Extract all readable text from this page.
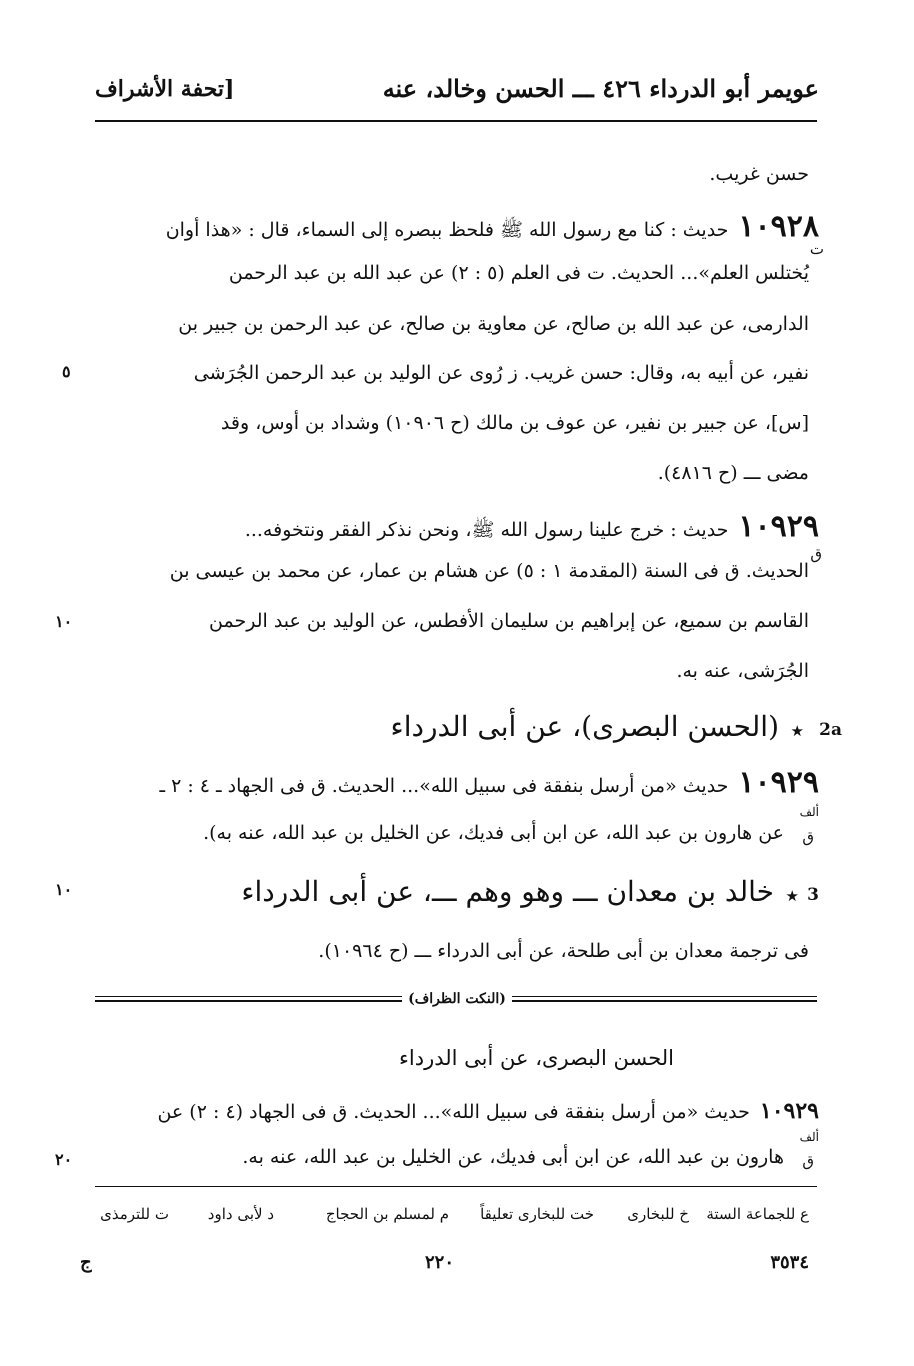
عويمر أبو الدرداء ٤٢٦ ـــ الحسن وخالد، عنه
[تحفة الأشراف
حسن غريب.
١٠٩٢٨حديث : كنا مع رسول الله ﷺ فلحظ ببصره إلى السماء، قال : «هذا أوان
ت
يُختلس العلم»... الحديث. ت فى العلم (٥ : ٢) عن عبد الله بن عبد الرحمن
الدارمى، عن عبد الله بن صالح، عن معاوية بن صالح، عن عبد الرحمن بن جبير بن
نفير، عن أبيه به، وقال: حسن غريب. ز رُوى عن الوليد بن عبد الرحمن الجُرَشى
٥
[س]، عن جبير بن نفير، عن عوف بن مالك (ح ١٠٩٠٦) وشداد بن أوس، وقد
مضى ـــ (ح ٤٨١٦).
١٠٩٢٩حديث : خرج علينا رسول الله ﷺ، ونحن نذكر الفقر ونتخوفه...
ق
الحديث. ق فى السنة (المقدمة ١ : ٥) عن هشام بن عمار، عن محمد بن عيسى بن
القاسم بن سميع، عن إبراهيم بن سليمان الأفطس، عن الوليد بن عبد الرحمن
١٠
الجُرَشى، عنه به.
2a
★
(الحسن البصرى)، عن أبى الدرداء
١٠٩٢٩حديث «من أرسل بنفقة فى سبيل الله»... الحديث. ق فى الجهاد ـ ٤ : ٢ ـ
ألف
ق
عن هارون بن عبد الله، عن ابن أبى فديك، عن الخليل بن عبد الله، عنه به).
3
★
خالد بن معدان ـــ وهو وهم ـــ، عن أبى الدرداء
١٠
فى ترجمة معدان بن أبى طلحة، عن أبى الدرداء ـــ (ح ١٠٩٦٤).
(النكت الظراف)
الحسن البصرى، عن أبى الدرداء
١٠٩٢٩حديث «من أرسل بنفقة فى سبيل الله»... الحديث. ق فى الجهاد (٤ : ٢) عن
ألف
ق
هارون بن عبد الله، عن ابن أبى فديك، عن الخليل بن عبد الله، عنه به.
٢٠
ع للجماعة الستة
خ للبخارى
خت للبخارى تعليقاً
م لمسلم بن الحجاج
د لأبى داود
ت للترمذى
٣٥٣٤
٢٢٠
ج
